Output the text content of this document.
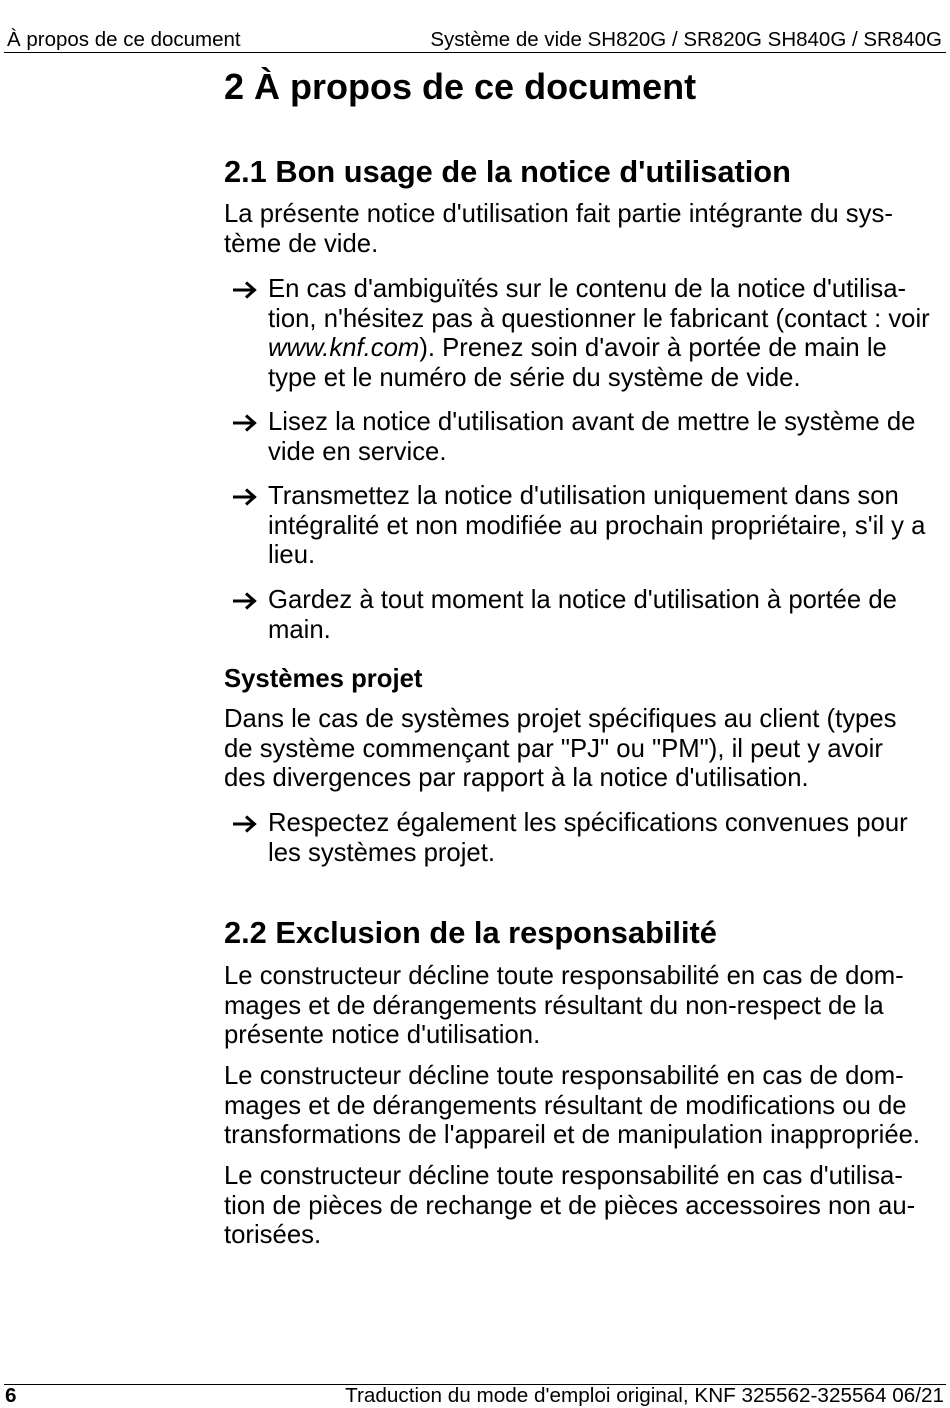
À propos de ce document	Système de vide SH820G / SR820G SH840G / SR840G
2 À propos de ce document
2.1 Bon usage de la notice d'utilisation
La présente notice d'utilisation fait partie intégrante du sys-
tème de vide.
En cas d'ambiguïtés sur le contenu de la notice d'utilisa-
tion, n'hésitez pas à questionner le fabricant (contact : voir
www.knf.com). Prenez soin d'avoir à portée de main le
type et le numéro de série du système de vide.
Lisez la notice d'utilisation avant de mettre le système de
vide en service.
Transmettez la notice d'utilisation uniquement dans son
intégralité et non modifiée au prochain propriétaire, s'il y a
lieu.
Gardez à tout moment la notice d'utilisation à portée de
main.
Systèmes projet
Dans le cas de systèmes projet spécifiques au client (types
de système commençant par "PJ" ou "PM"), il peut y avoir
des divergences par rapport à la notice d'utilisation.
Respectez également les spécifications convenues pour
les systèmes projet.
2.2 Exclusion de la responsabilité
Le constructeur décline toute responsabilité en cas de dom-
mages et de dérangements résultant du non-respect de la
présente notice d'utilisation.
Le constructeur décline toute responsabilité en cas de dom-
mages et de dérangements résultant de modifications ou de
transformations de l'appareil et de manipulation inappropriée.
Le constructeur décline toute responsabilité en cas d'utilisa-
tion de pièces de rechange et de pièces accessoires non au-
torisées.
6	Traduction du mode d'emploi original, KNF 325562-325564 06/21
